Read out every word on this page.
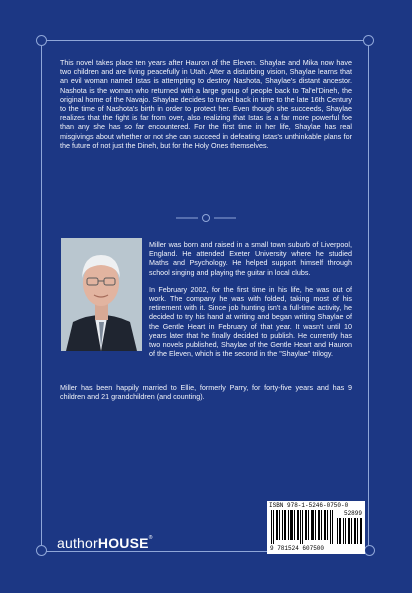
This novel takes place ten years after Hauron of the Eleven. Shaylae and Mika now have two children and are living peacefully in Utah. After a disturbing vision, Shaylae learns that an evil woman named Istas is attempting to destroy Nashota, Shaylae's distant ancestor. Nashota is the woman who returned with a large group of people back to Tal'el'Dineh, the original home of the Navajo. Shaylae decides to travel back in time to the late 16th Century to the time of Nashota's birth in order to protect her. Even though she succeeds, Shaylae realizes that the fight is far from over, also realizing that Istas is a far more powerful foe than any she has so far encountered. For the first time in her life, Shaylae has real misgivings about whether or not she can succeed in defeating Istas's unthinkable plans for the future of not just the Dineh, but for the Holy Ones themselves.

Miller was born and raised in a small town suburb of Liverpool, England. He attended Exeter University where he studied Maths and Psychology. He helped support himself through school singing and playing the guitar in local clubs.

In February 2002, for the first time in his life, he was out of work. The company he was with folded, taking most of his retirement with it. Since job hunting isn't a full-time activity, he decided to try his hand at writing and began writing Shaylae of the Gentle Heart in February of that year. It wasn't until 10 years later that he finally decided to publish. He currently has two novels published, Shaylae of the Gentle Heart and Hauron of the Eleven, which is the second in the "Shaylae" trilogy.

Miller has been happily married to Ellie, formerly Parry, for forty-five years and has 9 children and 21 grandchildren (and counting).

ISBN 978-1-5246-0750-0
52899
9 781524 607500
authorHOUSE®
